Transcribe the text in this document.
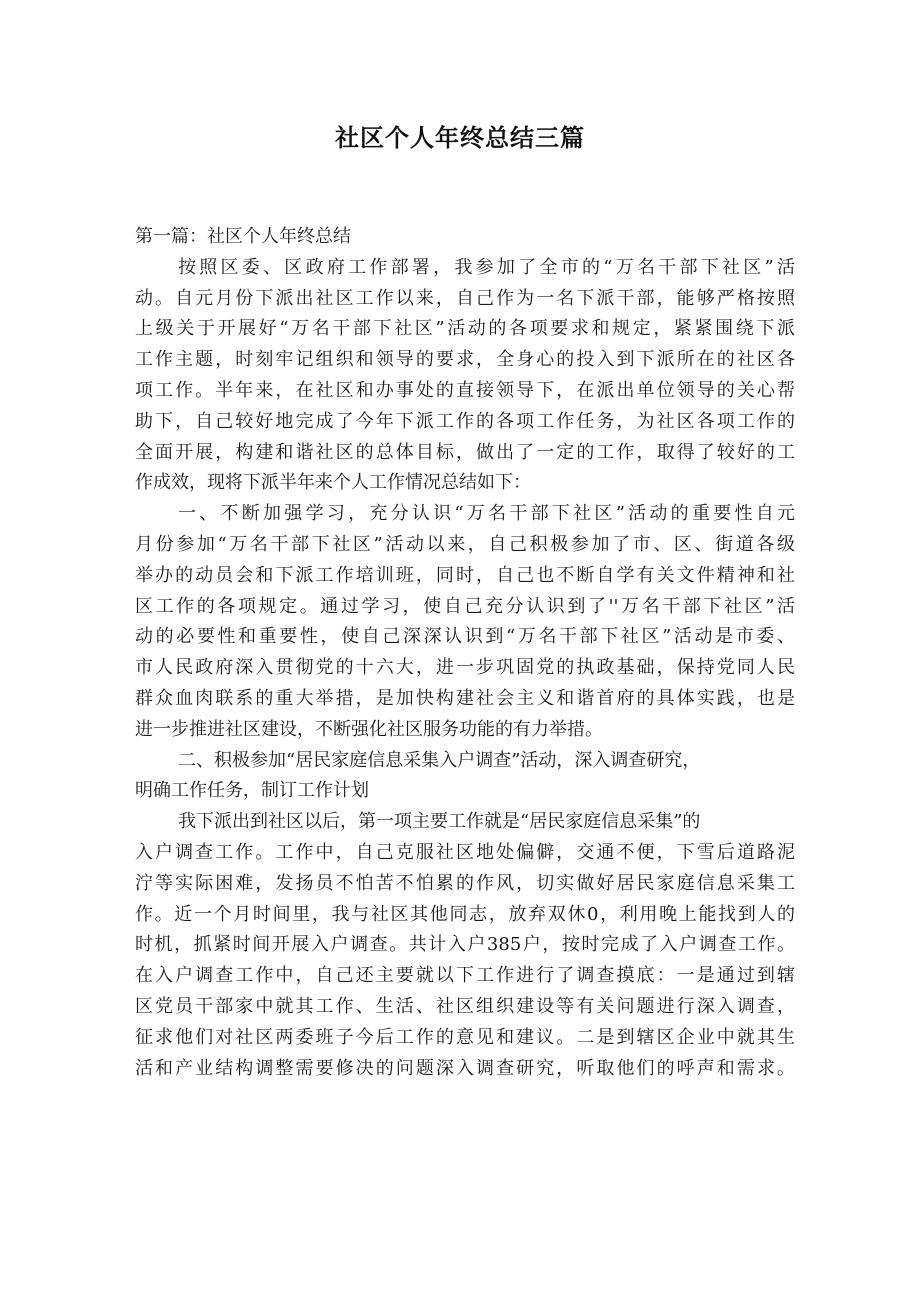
社区个人年终总结三篇
第一篇：社区个人年终总结
按照区委、区政府工作部署，我参加了全市的“万名干部下社区”活
动。自元月份下派出社区工作以来，自己作为一名下派干部，能够严格按照
上级关于开展好“万名干部下社区”活动的各项要求和规定，紧紧围绕下派
工作主题，时刻牢记组织和领导的要求，全身心的投入到下派所在的社区各
项工作。半年来，在社区和办事处的直接领导下，在派出单位领导的关心帮
助下，自己较好地完成了今年下派工作的各项工作任务，为社区各项工作的
全面开展，构建和谐社区的总体目标，做出了一定的工作，取得了较好的工
作成效，现将下派半年来个人工作情况总结如下：
一、不断加强学习，充分认识“万名干部下社区”活动的重要性自元
月份参加“万名干部下社区”活动以来，自己积极参加了市、区、街道各级
举办的动员会和下派工作培训班，同时，自己也不断自学有关文件精神和社
区工作的各项规定。通过学习，使自己充分认识到了''万名干部下社区”活
动的必要性和重要性，使自己深深认识到“万名干部下社区”活动是市委、
市人民政府深入贯彻党的十六大，进一步巩固党的执政基础，保持党同人民
群众血肉联系的重大举措，是加快构建社会主义和谐首府的具体实践，也是
进一步推进社区建设，不断强化社区服务功能的有力举措。
二、积极参加“居民家庭信息采集入户调查”活动，深入调查研究，
明确工作任务，制订工作计划
我下派出到社区以后，第一项主要工作就是“居民家庭信息采集”的
入户调查工作。工作中，自己克服社区地处偏僻，交通不便，下雪后道路泥
泞等实际困难，发扬员不怕苦不怕累的作风，切实做好居民家庭信息采集工
作。近一个月时间里，我与社区其他同志，放弃双休0，利用晚上能找到人的
时机，抓紧时间开展入户调查。共计入户385户，按时完成了入户调查工作。
在入户调查工作中，自己还主要就以下工作进行了调查摸底：一是通过到辖
区党员干部家中就其工作、生活、社区组织建设等有关问题进行深入调查，
征求他们对社区两委班子今后工作的意见和建议。二是到辖区企业中就其生
活和产业结构调整需要修决的问题深入调查研究，听取他们的呼声和需求。
